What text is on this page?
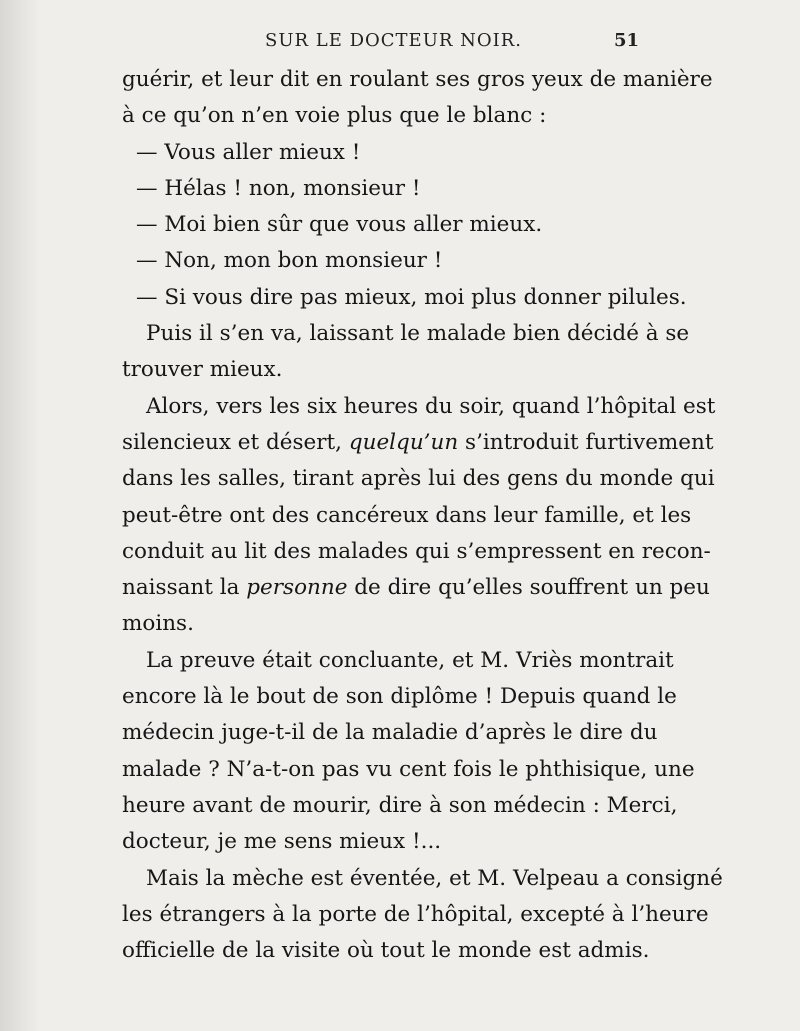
SUR LE DOCTEUR NOIR.	51
guérir, et leur dit en roulant ses gros yeux de manière
à ce qu’on n’en voie plus que le blanc :
— Vous aller mieux !
— Hélas ! non, monsieur !
— Moi bien sûr que vous aller mieux.
— Non, mon bon monsieur !
— Si vous dire pas mieux, moi plus donner pilules.
Puis il s’en va, laissant le malade bien décidé à se
trouver mieux.
Alors, vers les six heures du soir, quand l’hôpital est
silencieux et désert, quelqu’un s’introduit furtivement
dans les salles, tirant après lui des gens du monde qui
peut-être ont des cancéreux dans leur famille, et les
conduit au lit des malades qui s’empressent en recon-
naissant la personne de dire qu’elles souffrent un peu
moins.
La preuve était concluante, et M. Vriès montrait
encore là le bout de son diplôme ! Depuis quand le
médecin juge-t-il de la maladie d’après le dire du
malade ? N’a-t-on pas vu cent fois le phthisique, une
heure avant de mourir, dire à son médecin : Merci,
docteur, je me sens mieux !...
Mais la mèche est éventée, et M. Velpeau a consigné
les étrangers à la porte de l’hôpital, excepté à l’heure
officielle de la visite où tout le monde est admis.
